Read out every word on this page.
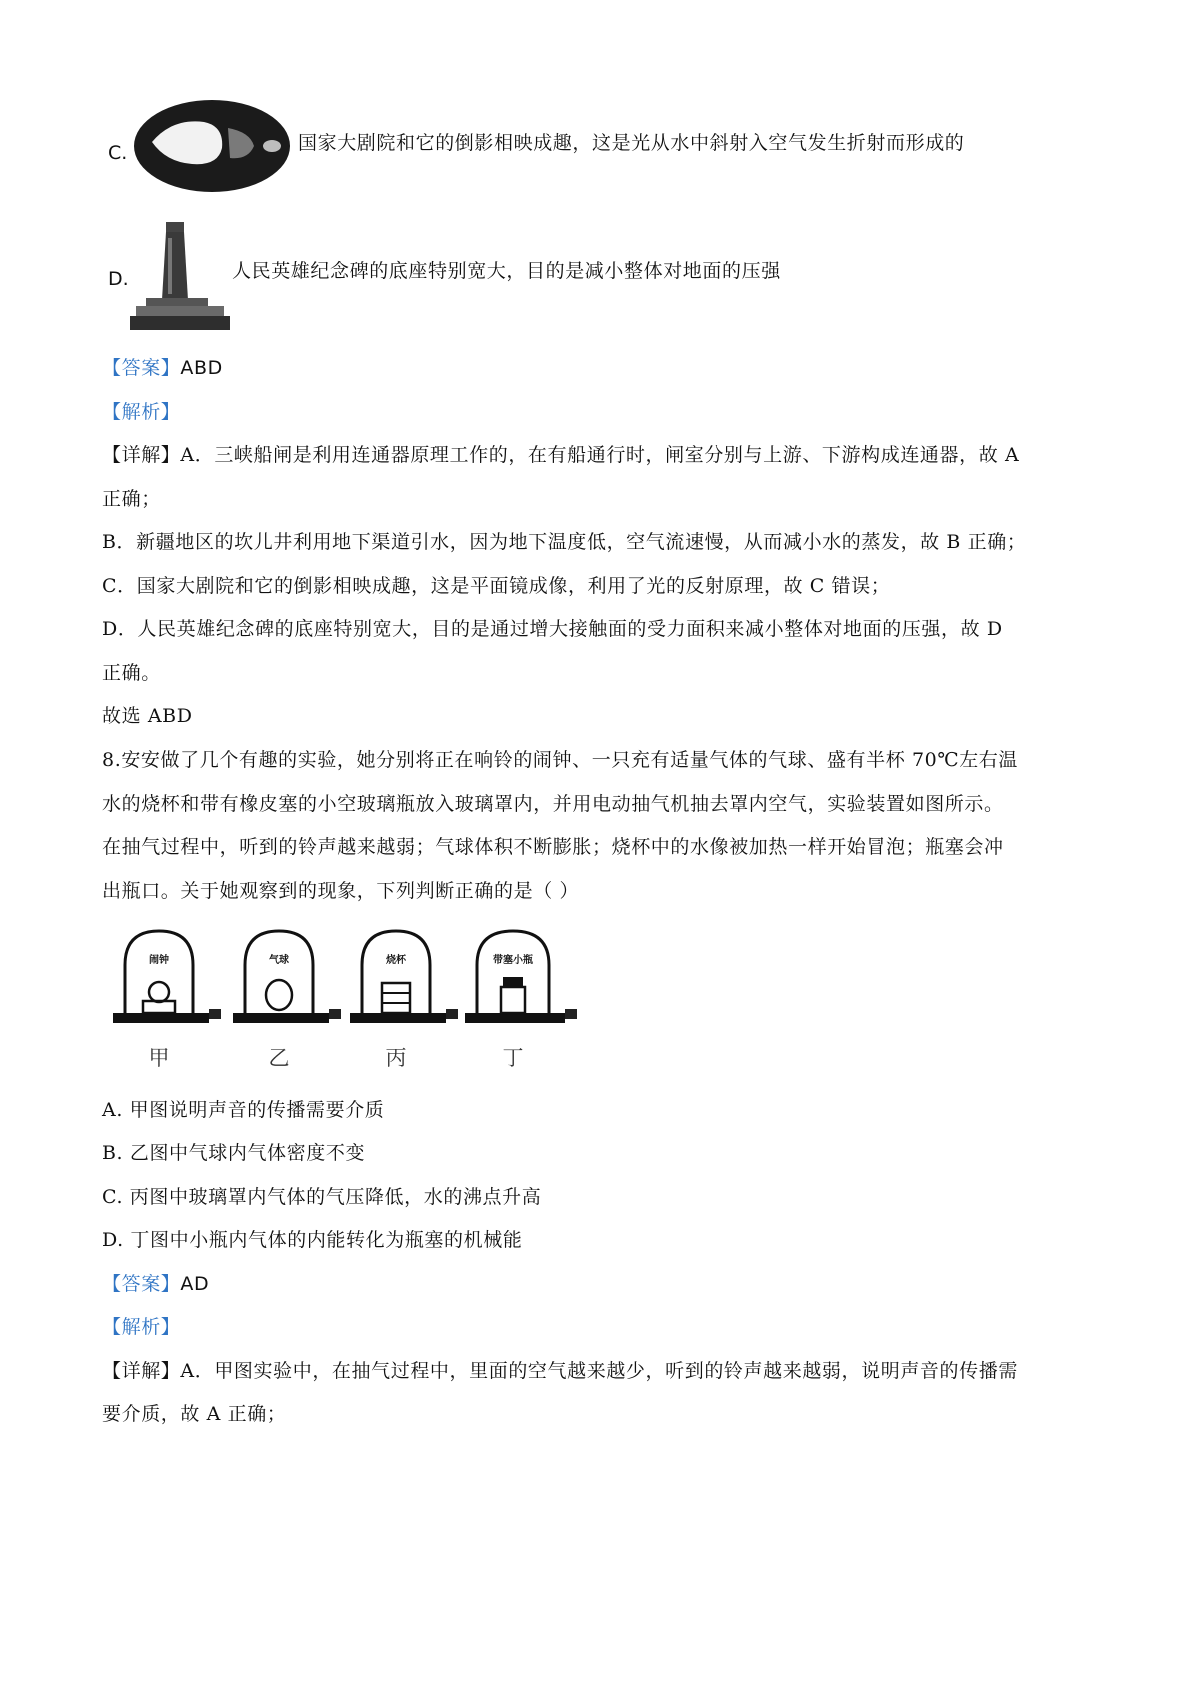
C.	国家大剧院和它的倒影相映成趣，这是光从水中斜射入空气发生折射而形成的
D.	人民英雄纪念碑的底座特别宽大，目的是减小整体对地面的压强
【答案】ABD
【解析】
【详解】A．三峡船闸是利用连通器原理工作的，在有船通行时，闸室分别与上游、下游构成连通器，故 A
正确；
B．新疆地区的坎儿井利用地下渠道引水，因为地下温度低，空气流速慢，从而减小水的蒸发，故 B 正确；
C．国家大剧院和它的倒影相映成趣，这是平面镜成像，利用了光的反射原理，故 C 错误；
D．人民英雄纪念碑的底座特别宽大，目的是通过增大接触面的受力面积来减小整体对地面的压强，故 D
正确。
故选 ABD
8.安安做了几个有趣的实验，她分别将正在响铃的闹钟、一只充有适量气体的气球、盛有半杯 70℃左右温
水的烧杯和带有橡皮塞的小空玻璃瓶放入玻璃罩内，并用电动抽气机抽去罩内空气，实验装置如图所示。
在抽气过程中，听到的铃声越来越弱；气球体积不断膨胀；烧杯中的水像被加热一样开始冒泡；瓶塞会冲
出瓶口。关于她观察到的现象，下列判断正确的是（ ）
闹钟
甲
气球
乙
烧杯
丙
带塞小瓶
丁
A. 甲图说明声音的传播需要介质
B. 乙图中气球内气体密度不变
C. 丙图中玻璃罩内气体的气压降低，水的沸点升高
D. 丁图中小瓶内气体的内能转化为瓶塞的机械能
【答案】AD
【解析】
【详解】A．甲图实验中，在抽气过程中，里面的空气越来越少，听到的铃声越来越弱，说明声音的传播需
要介质，故 A 正确；
